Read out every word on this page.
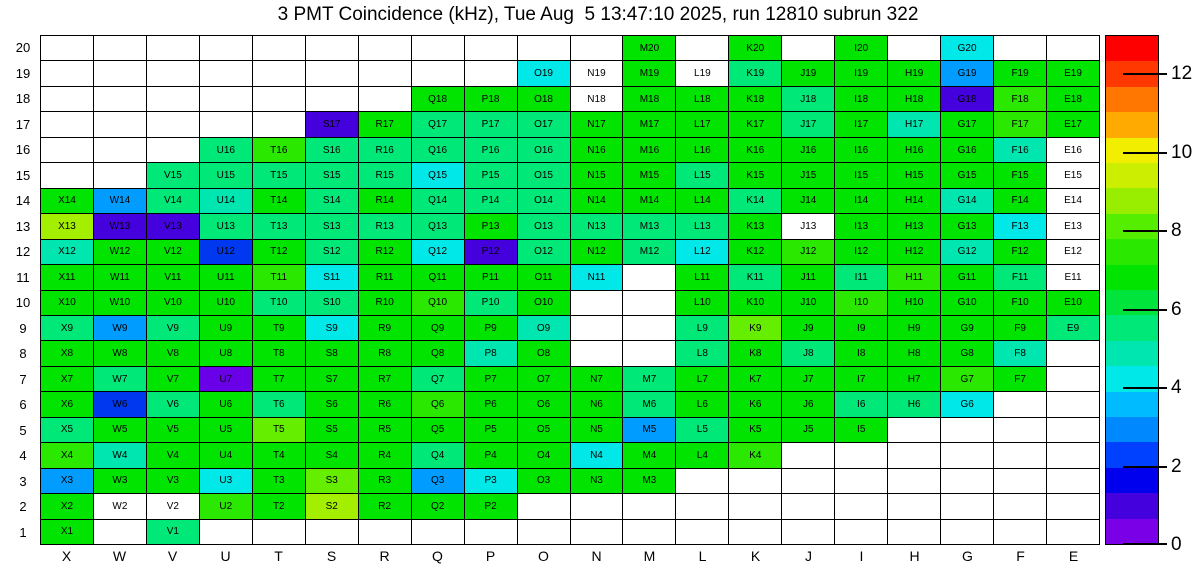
3 PMT Coincidence (kHz), Tue Aug  5 13:47:10 2025, run 12810 subrun 322
20
19
18
17
16
15
14
13
12
11
10
9
8
7
6
5
4
3
2
1
M20	K20	I20	G20
O19	N19	M19	L19	K19	J19	I19	H19	G19	F19	E19
Q18	P18	O18	N18	M18	L18	K18	J18	I18	H18	G18	F18	E18
S17	R17	Q17	P17	O17	N17	M17	L17	K17	J17	I17	H17	G17	F17	E17
U16	T16	S16	R16	Q16	P16	O16	N16	M16	L16	K16	J16	I16	H16	G16	F16	E16
V15	U15	T15	S15	R15	Q15	P15	O15	N15	M15	L15	K15	J15	I15	H15	G15	F15	E15
X14	W14	V14	U14	T14	S14	R14	Q14	P14	O14	N14	M14	L14	K14	J14	I14	H14	G14	F14	E14
X13	W13	V13	U13	T13	S13	R13	Q13	P13	O13	N13	M13	L13	K13	J13	I13	H13	G13	F13	E13
X12	W12	V12	U12	T12	S12	R12	Q12	P12	O12	N12	M12	L12	K12	J12	I12	H12	G12	F12	E12
X11	W11	V11	U11	T11	S11	R11	Q11	P11	O11	N11	L11	K11	J11	I11	H11	G11	F11	E11
X10	W10	V10	U10	T10	S10	R10	Q10	P10	O10	L10	K10	J10	I10	H10	G10	F10	E10
X9	W9	V9	U9	T9	S9	R9	Q9	P9	O9	L9	K9	J9	I9	H9	G9	F9	E9
X8	W8	V8	U8	T8	S8	R8	Q8	P8	O8	L8	K8	J8	I8	H8	G8	F8
X7	W7	V7	U7	T7	S7	R7	Q7	P7	O7	N7	M7	L7	K7	J7	I7	H7	G7	F7
X6	W6	V6	U6	T6	S6	R6	Q6	P6	O6	N6	M6	L6	K6	J6	I6	H6	G6
X5	W5	V5	U5	T5	S5	R5	Q5	P5	O5	N5	M5	L5	K5	J5	I5
X4	W4	V4	U4	T4	S4	R4	Q4	P4	O4	N4	M4	L4	K4
X3	W3	V3	U3	T3	S3	R3	Q3	P3	O3	N3	M3
X2	W2	V2	U2	T2	S2	R2	Q2	P2
X1	V1
X	W	V	U	T	S	R	Q	P	O	N	M	L	K	J	I	H	G	F	E
0
2
4
6
8
10
12
